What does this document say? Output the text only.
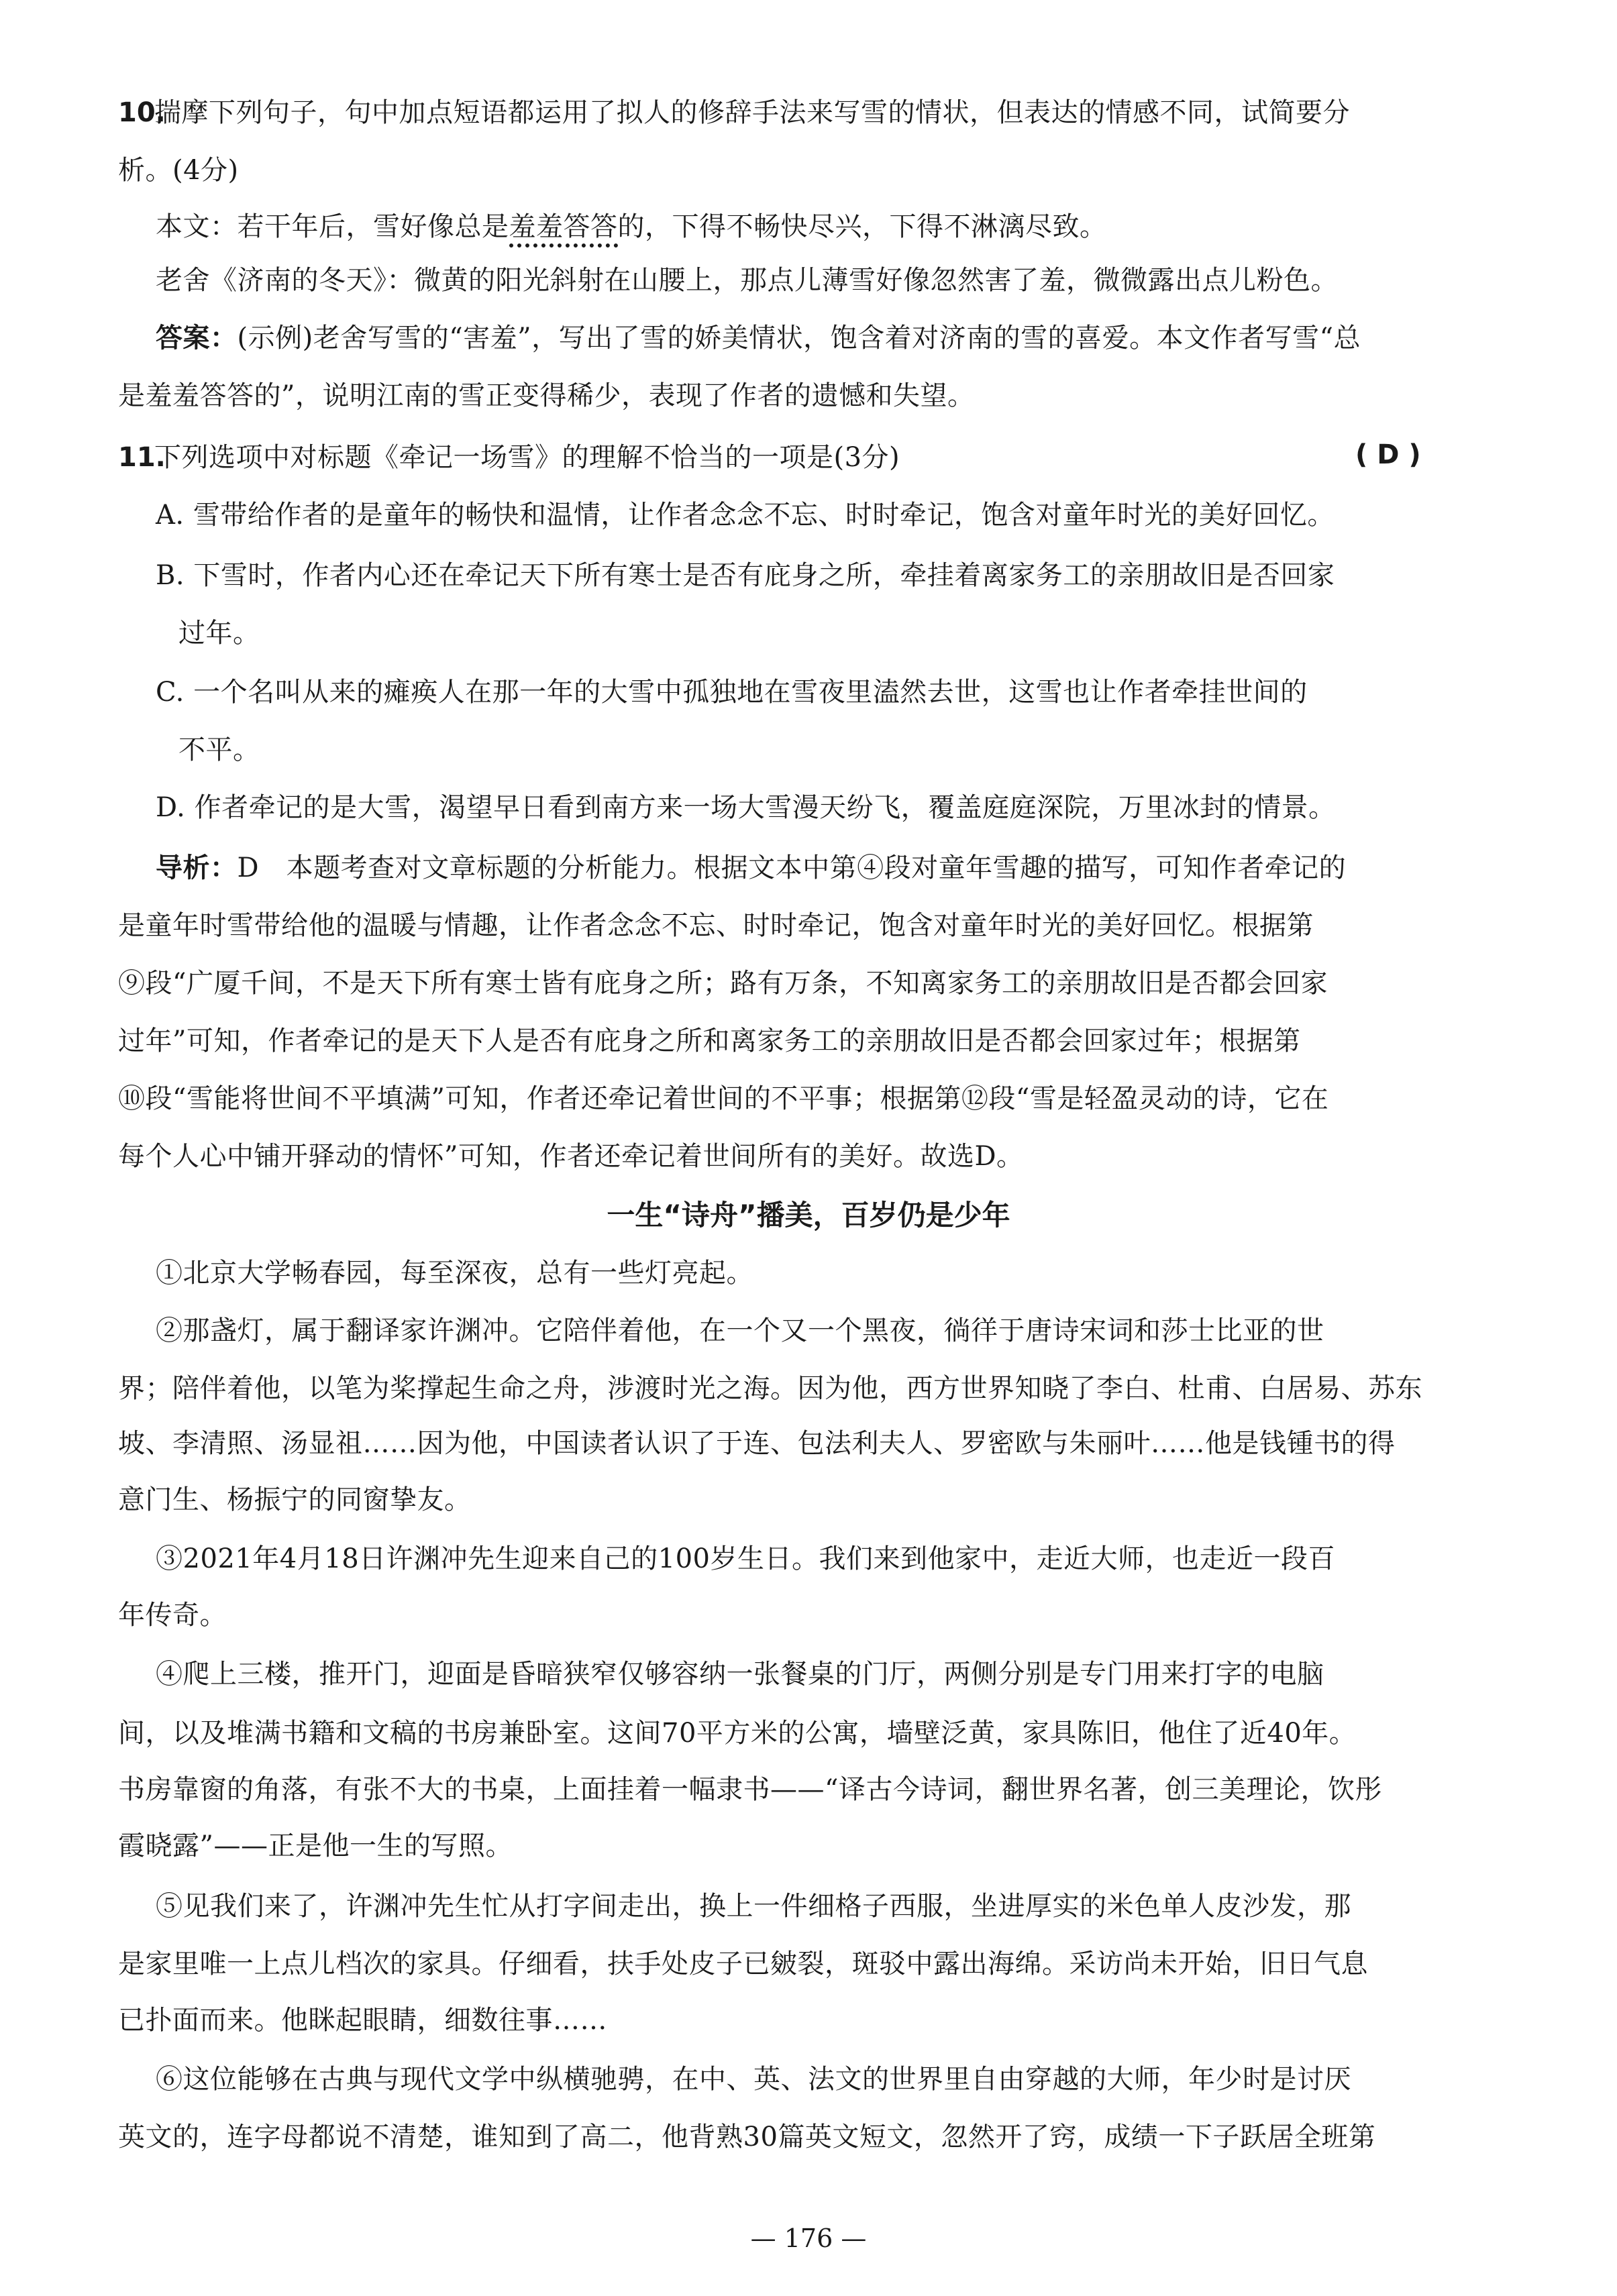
10.
揣摩下列句子，句中加点短语都运用了拟人的修辞手法来写雪的情状，但表达的情感不同，试简要分
析。(4分)
本文：若干年后，雪好像总是羞羞答答的，下得不畅快尽兴，下得不淋漓尽致。
老舍《济南的冬天》：微黄的阳光斜射在山腰上，那点儿薄雪好像忽然害了羞，微微露出点儿粉色。
答案：(示例)老舍写雪的“害羞”，写出了雪的娇美情状，饱含着对济南的雪的喜爱。本文作者写雪“总
是羞羞答答的”，说明江南的雪正变得稀少，表现了作者的遗憾和失望。
11.
下列选项中对标题《牵记一场雪》的理解不恰当的一项是(3分)	( D )
A. 雪带给作者的是童年的畅快和温情，让作者念念不忘、时时牵记，饱含对童年时光的美好回忆。
B. 下雪时，作者内心还在牵记天下所有寒士是否有庇身之所，牵挂着离家务工的亲朋故旧是否回家
过年。
C. 一个名叫从来的瘫痪人在那一年的大雪中孤独地在雪夜里溘然去世，这雪也让作者牵挂世间的
不平。
D. 作者牵记的是大雪，渴望早日看到南方来一场大雪漫天纷飞，覆盖庭庭深院，万里冰封的情景。
导析：D　本题考查对文章标题的分析能力。根据文本中第④段对童年雪趣的描写，可知作者牵记的
是童年时雪带给他的温暖与情趣，让作者念念不忘、时时牵记，饱含对童年时光的美好回忆。根据第
⑨段“广厦千间，不是天下所有寒士皆有庇身之所；路有万条，不知离家务工的亲朋故旧是否都会回家
过年”可知，作者牵记的是天下人是否有庇身之所和离家务工的亲朋故旧是否都会回家过年；根据第
⑩段“雪能将世间不平填满”可知，作者还牵记着世间的不平事；根据第⑫段“雪是轻盈灵动的诗，它在
每个人心中铺开驿动的情怀”可知，作者还牵记着世间所有的美好。故选D。
一生“诗舟”播美，百岁仍是少年
①北京大学畅春园，每至深夜，总有一些灯亮起。
②那盏灯，属于翻译家许渊冲。它陪伴着他，在一个又一个黑夜，徜徉于唐诗宋词和莎士比亚的世
界；陪伴着他，以笔为桨撑起生命之舟，涉渡时光之海。因为他，西方世界知晓了李白、杜甫、白居易、苏东
坡、李清照、汤显祖……因为他，中国读者认识了于连、包法利夫人、罗密欧与朱丽叶……他是钱锺书的得
意门生、杨振宁的同窗挚友。
③2021年4月18日许渊冲先生迎来自己的100岁生日。我们来到他家中，走近大师，也走近一段百
年传奇。
④爬上三楼，推开门，迎面是昏暗狭窄仅够容纳一张餐桌的门厅，两侧分别是专门用来打字的电脑
间，以及堆满书籍和文稿的书房兼卧室。这间70平方米的公寓，墙壁泛黄，家具陈旧，他住了近40年。
书房靠窗的角落，有张不大的书桌，上面挂着一幅隶书——“译古今诗词，翻世界名著，创三美理论，饮彤
霞晓露”——正是他一生的写照。
⑤见我们来了，许渊冲先生忙从打字间走出，换上一件细格子西服，坐进厚实的米色单人皮沙发，那
是家里唯一上点儿档次的家具。仔细看，扶手处皮子已皴裂，斑驳中露出海绵。采访尚未开始，旧日气息
已扑面而来。他眯起眼睛，细数往事……
⑥这位能够在古典与现代文学中纵横驰骋，在中、英、法文的世界里自由穿越的大师，年少时是讨厌
英文的，连字母都说不清楚，谁知到了高二，他背熟30篇英文短文，忽然开了窍，成绩一下子跃居全班第
— 176 —
